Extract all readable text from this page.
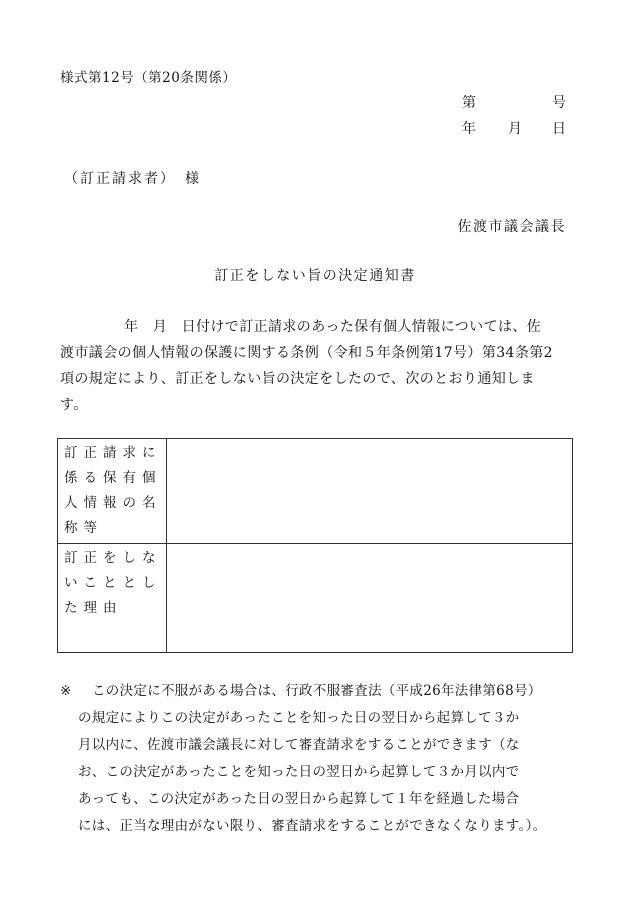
様式第12号（第20条関係）
第	号
年 月 日
（訂正請求者）　様
佐渡市議会議長
訂正をしない旨の決定通知書
年　月　日付けで訂正請求のあった保有個人情報については、佐
渡市議会の個人情報の保護に関する条例（令和５年条例第17号）第34条第2
項の規定により、訂正をしない旨の決定をしたので、次のとおり通知しま
す。
訂正請求に係る保有個人情報の名称等	
訂正をしないこととした理由	
※ この決定に不服がある場合は、行政不服審査法（平成26年法律第68号）
の規定によりこの決定があったことを知った日の翌日から起算して３か
月以内に、佐渡市議会議長に対して審査請求をすることができます（な
お、この決定があったことを知った日の翌日から起算して３か月以内で
あっても、この決定があった日の翌日から起算して１年を経過した場合
には、正当な理由がない限り、審査請求をすることができなくなります。）。
